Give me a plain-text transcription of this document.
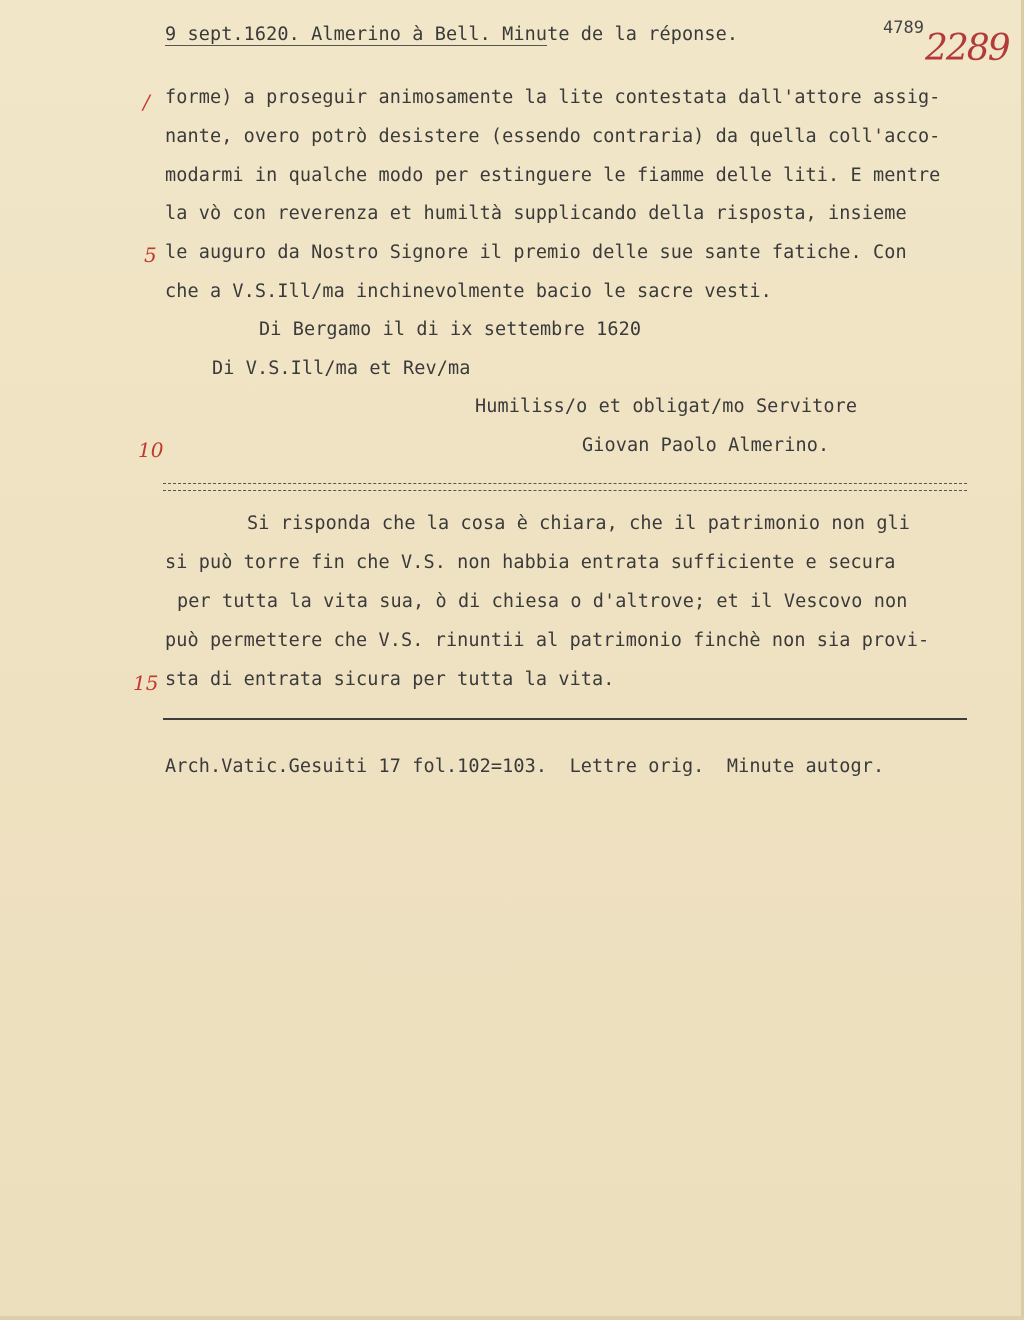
9 sept.1620. Almerino à Bell. Minute de la réponse.	4789 2289
/
5
10
15
forme) a proseguir animosamente la lite contestata dall'attore assig-
nante, overo potrò desistere (essendo contraria) da quella coll'acco-
modarmi in qualche modo per estinguere le fiamme delle liti. E mentre
la vò con reverenza et humiltà supplicando della risposta, insieme
le auguro da Nostro Signore il premio delle sue sante fatiche. Con
che a V.S.Ill/ma inchinevolmente bacio le sacre vesti.
Di Bergamo il di ix settembre 1620
Di V.S.Ill/ma et Rev/ma
Humiliss/o et obligat/mo Servitore
Giovan Paolo Almerino.
Si risponda che la cosa è chiara, che il patrimonio non gli
si può torre fin che V.S. non habbia entrata sufficiente e secura
per tutta la vita sua, ò di chiesa o d'altrove; et il Vescovo non
può permettere che V.S. rinuntii al patrimonio finchè non sia provi-
sta di entrata sicura per tutta la vita.
Arch.Vatic.Gesuiti 17 fol.102=103.  Lettre orig.  Minute autogr.
